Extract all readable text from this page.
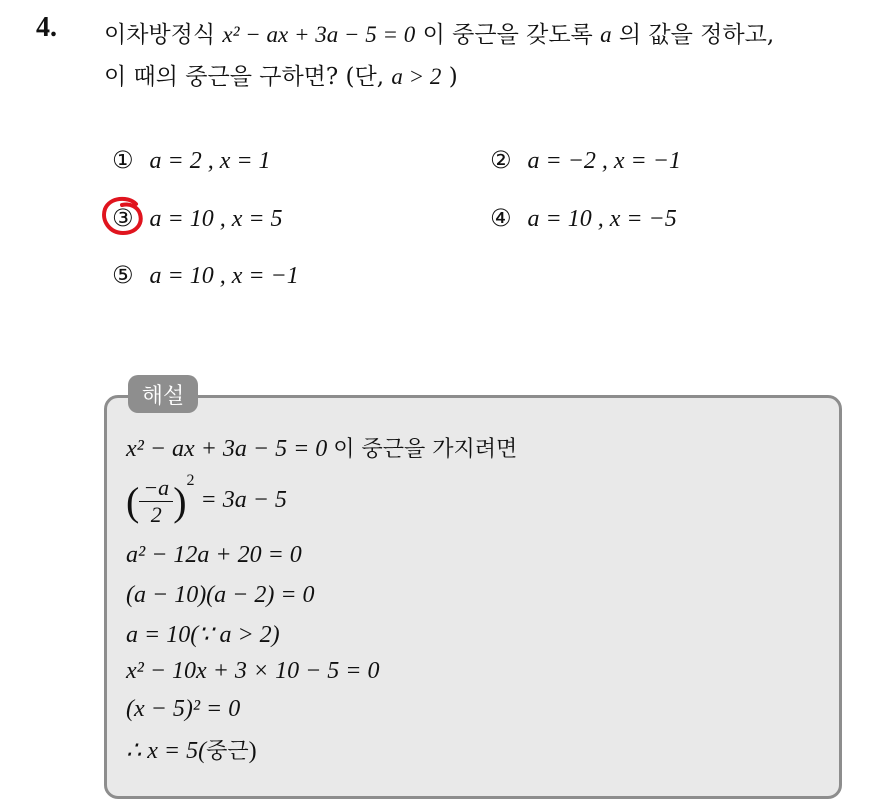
4. 이차방정식 x² − ax + 3a − 5 = 0 이 중근을 갖도록 a 의 값을 정하고,
이 때의 중근을 구하면? (단, a > 2 )
① a = 2 , x = 1	② a = −2 , x = −1
③ a = 10 , x = 5	④ a = 10 , x = −5
⑤ a = 10 , x = −1
해설
x² − ax + 3a − 5 = 0 이 중근을 가지려면
( $\frac{-a}{2} )^2 = 3a - 5$
a² − 12a + 20 = 0
(a − 10)(a − 2) = 0
a = 10(∵ a > 2)
x² − 10x + 3 × 10 − 5 = 0
(x − 5)² = 0
∴ x = 5(중근)
